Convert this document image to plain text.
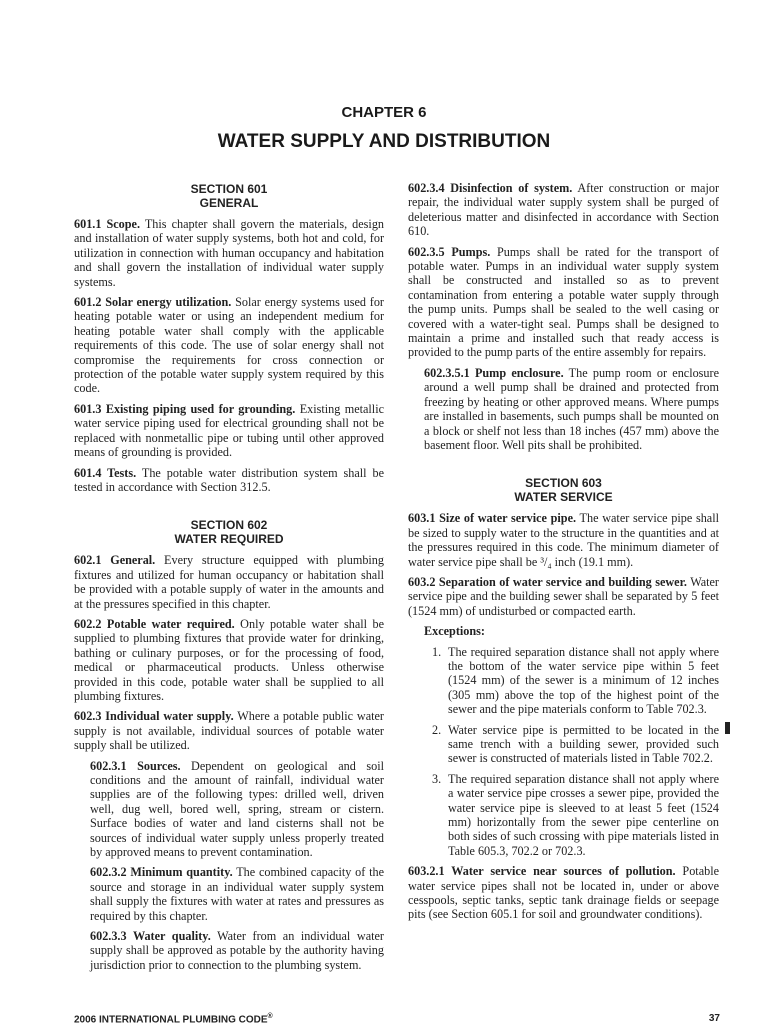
CHAPTER 6
WATER SUPPLY AND DISTRIBUTION
SECTION 601
GENERAL

601.1 Scope. This chapter shall govern the materials, design and installation of water supply systems, both hot and cold, for utilization in connection with human occupancy and habitation and shall govern the installation of individual water supply systems.

601.2 Solar energy utilization. Solar energy systems used for heating potable water or using an independent medium for heating potable water shall comply with the applicable requirements of this code. The use of solar energy shall not compromise the requirements for cross connection or protection of the potable water supply system required by this code.

601.3 Existing piping used for grounding. Existing metallic water service piping used for electrical grounding shall not be replaced with nonmetallic pipe or tubing until other approved means of grounding is provided.

601.4 Tests. The potable water distribution system shall be tested in accordance with Section 312.5.

SECTION 602
WATER REQUIRED

602.1 General. Every structure equipped with plumbing fixtures and utilized for human occupancy or habitation shall be provided with a potable supply of water in the amounts and at the pressures specified in this chapter.

602.2 Potable water required. Only potable water shall be supplied to plumbing fixtures that provide water for drinking, bathing or culinary purposes, or for the processing of food, medical or pharmaceutical products. Unless otherwise provided in this code, potable water shall be supplied to all plumbing fixtures.

602.3 Individual water supply. Where a potable public water supply is not available, individual sources of potable water supply shall be utilized.

602.3.1 Sources. Dependent on geological and soil conditions and the amount of rainfall, individual water supplies are of the following types: drilled well, driven well, dug well, bored well, spring, stream or cistern. Surface bodies of water and land cisterns shall not be sources of individual water supply unless properly treated by approved means to prevent contamination.

602.3.2 Minimum quantity. The combined capacity of the source and storage in an individual water supply system shall supply the fixtures with water at rates and pressures as required by this chapter.

602.3.3 Water quality. Water from an individual water supply shall be approved as potable by the authority having jurisdiction prior to connection to the plumbing system.

602.3.4 Disinfection of system. After construction or major repair, the individual water supply system shall be purged of deleterious matter and disinfected in accordance with Section 610.

602.3.5 Pumps. Pumps shall be rated for the transport of potable water. Pumps in an individual water supply system shall be constructed and installed so as to prevent contamination from entering a potable water supply through the pump units. Pumps shall be sealed to the well casing or covered with a water-tight seal. Pumps shall be designed to maintain a prime and installed such that ready access is provided to the pump parts of the entire assembly for repairs.

602.3.5.1 Pump enclosure. The pump room or enclosure around a well pump shall be drained and protected from freezing by heating or other approved means. Where pumps are installed in basements, such pumps shall be mounted on a block or shelf not less than 18 inches (457 mm) above the basement floor. Well pits shall be prohibited.

SECTION 603
WATER SERVICE

603.1 Size of water service pipe. The water service pipe shall be sized to supply water to the structure in the quantities and at the pressures required in this code. The minimum diameter of water service pipe shall be ³/₄ inch (19.1 mm).

603.2 Separation of water service and building sewer. Water service pipe and the building sewer shall be separated by 5 feet (1524 mm) of undisturbed or compacted earth.

Exceptions:
1. The required separation distance shall not apply where the bottom of the water service pipe within 5 feet (1524 mm) of the sewer is a minimum of 12 inches (305 mm) above the top of the highest point of the sewer and the pipe materials conform to Table 702.3.
2. Water service pipe is permitted to be located in the same trench with a building sewer, provided such sewer is constructed of materials listed in Table 702.2.
3. The required separation distance shall not apply where a water service pipe crosses a sewer pipe, provided the water service pipe is sleeved to at least 5 feet (1524 mm) horizontally from the sewer pipe centerline on both sides of such crossing with pipe materials listed in Table 605.3, 702.2 or 702.3.

603.2.1 Water service near sources of pollution. Potable water service pipes shall not be located in, under or above cesspools, septic tanks, septic tank drainage fields or seepage pits (see Section 605.1 for soil and groundwater conditions).

2006 INTERNATIONAL PLUMBING CODE®	37
